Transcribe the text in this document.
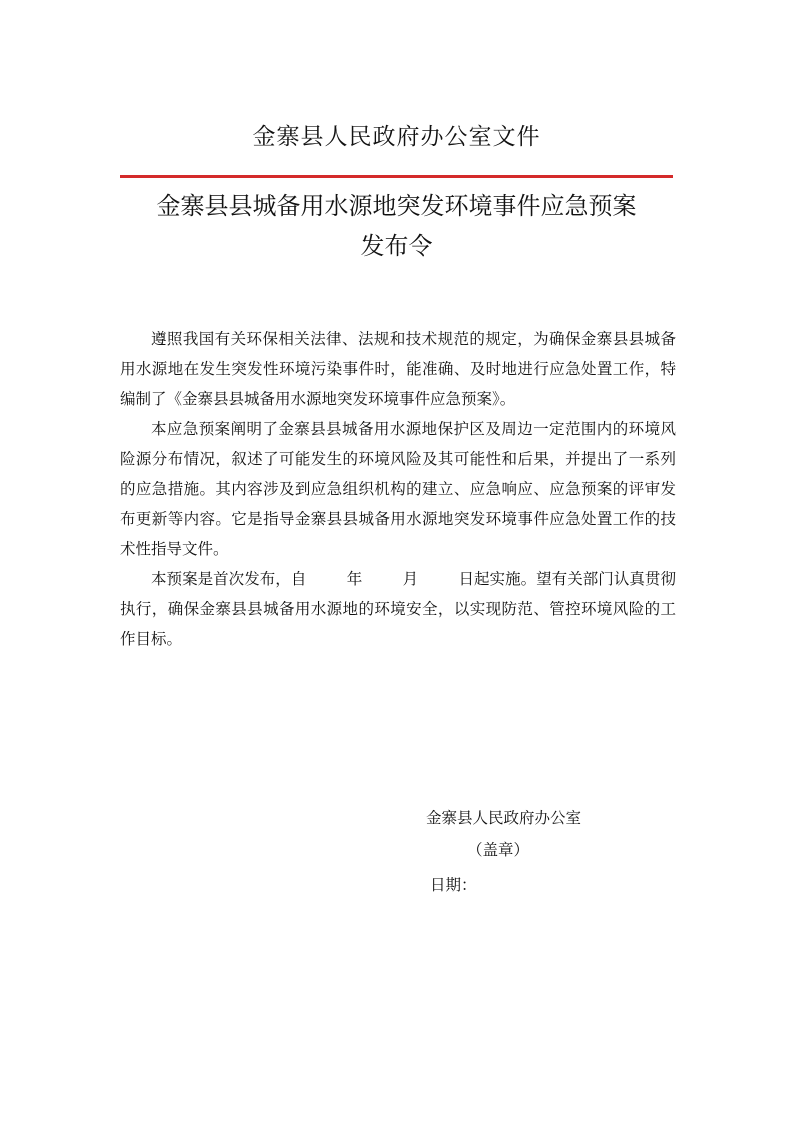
金寨县人民政府办公室文件
金寨县县城备用水源地突发环境事件应急预案
发布令

遵照我国有关环保相关法律、法规和技术规范的规定，为确保金寨县县城备用水源地在发生突发性环境污染事件时，能准确、及时地进行应急处置工作，特编制了《金寨县县城备用水源地突发环境事件应急预案》。

本应急预案阐明了金寨县县城备用水源地保护区及周边一定范围内的环境风险源分布情况，叙述了可能发生的环境风险及其可能性和后果，并提出了一系列的应急措施。其内容涉及到应急组织机构的建立、应急响应、应急预案的评审发布更新等内容。它是指导金寨县县城备用水源地突发环境事件应急处置工作的技术性指导文件。

本预案是首次发布，自	年	月	日起实施。望有关部门认真贯彻执行，确保金寨县县城备用水源地的环境安全，以实现防范、管控环境风险的工作目标。

金寨县人民政府办公室
（盖章）
日期：
